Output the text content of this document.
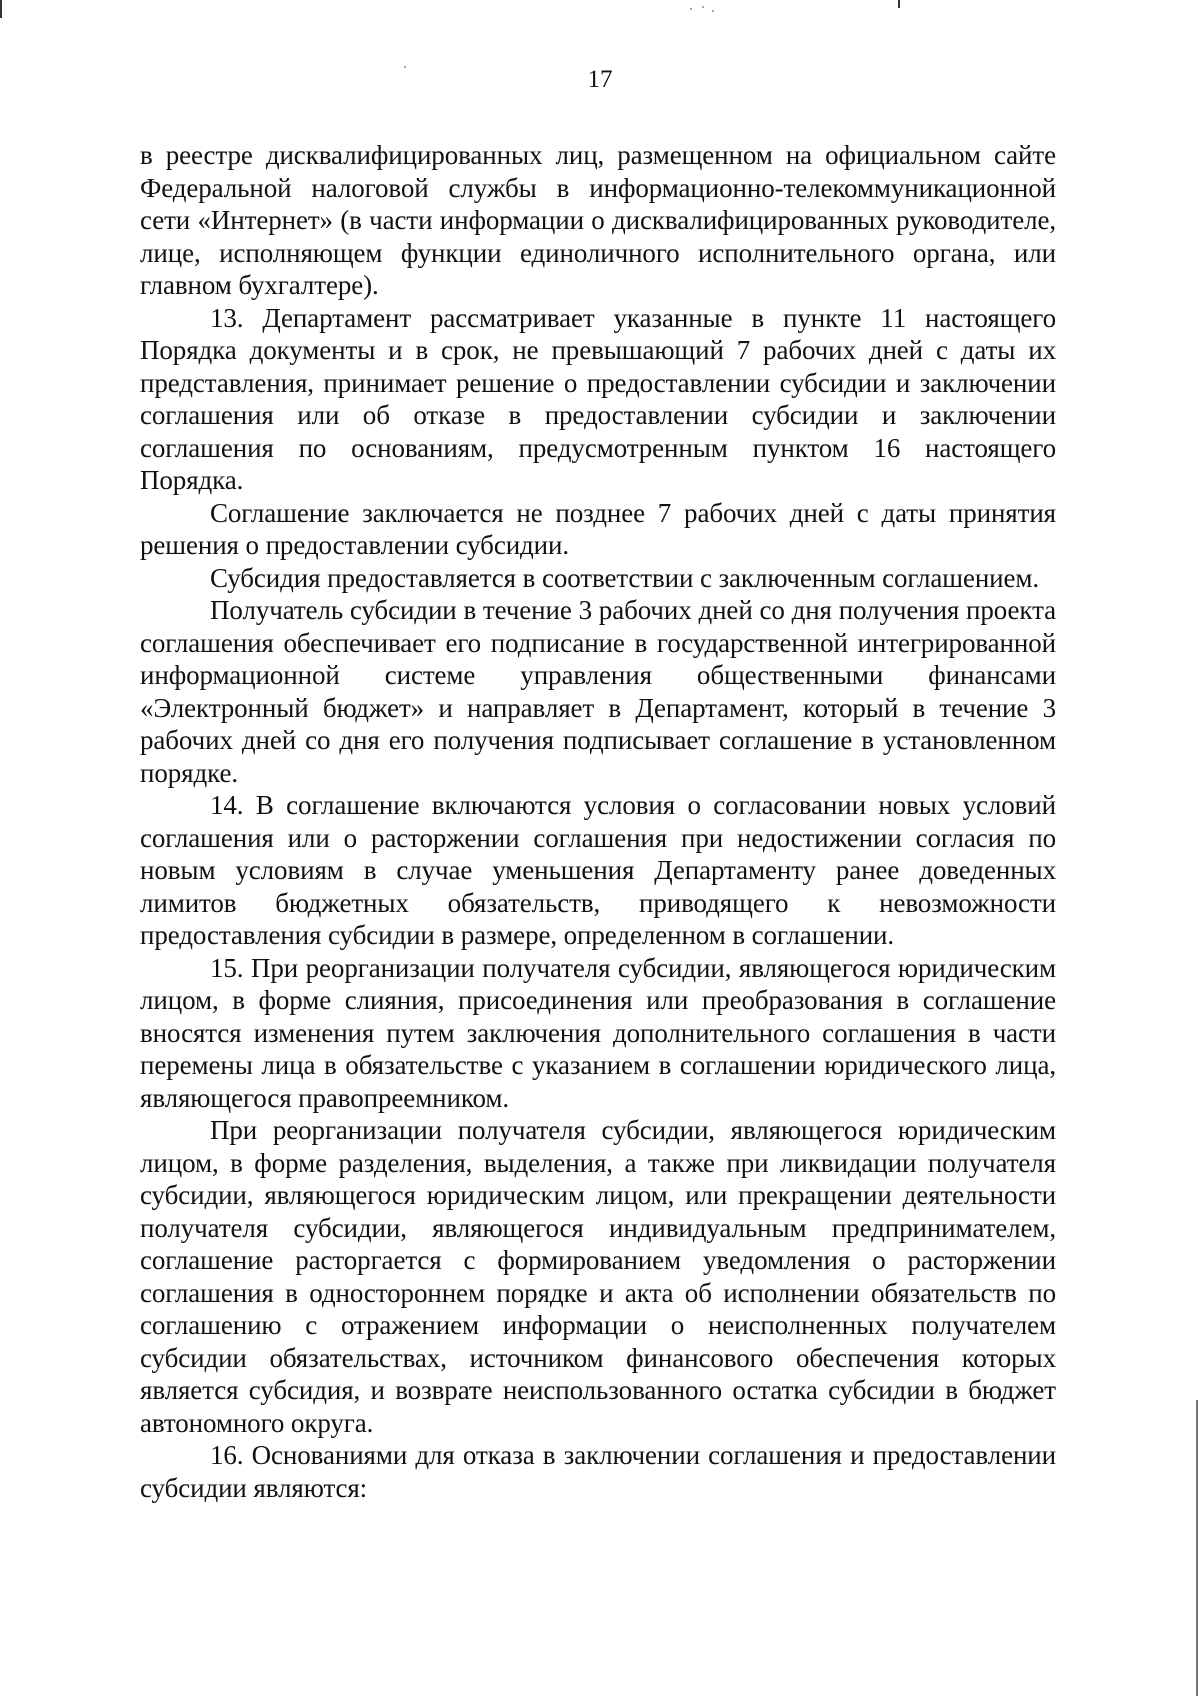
17

в реестре дисквалифицированных лиц, размещенном на официальном сайте Федеральной налоговой службы в информационно-телекоммуникационной сети «Интернет» (в части информации о дисквалифицированных руководителе, лице, исполняющем функции единоличного исполнительного органа, или главном бухгалтере).

13. Департамент рассматривает указанные в пункте 11 настоящего Порядка документы и в срок, не превышающий 7 рабочих дней с даты их представления, принимает решение о предоставлении субсидии и заключении соглашения или об отказе в предоставлении субсидии и заключении соглашения по основаниям, предусмотренным пунктом 16 настоящего Порядка.

Соглашение заключается не позднее 7 рабочих дней с даты принятия решения о предоставлении субсидии.

Субсидия предоставляется в соответствии с заключенным соглашением.

Получатель субсидии в течение 3 рабочих дней со дня получения проекта соглашения обеспечивает его подписание в государственной интегрированной информационной системе управления общественными финансами «Электронный бюджет» и направляет в Департамент, который в течение 3 рабочих дней со дня его получения подписывает соглашение в установленном порядке.

14. В соглашение включаются условия о согласовании новых условий соглашения или о расторжении соглашения при недостижении согласия по новым условиям в случае уменьшения Департаменту ранее доведенных лимитов бюджетных обязательств, приводящего к невозможности предоставления субсидии в размере, определенном в соглашении.

15. При реорганизации получателя субсидии, являющегося юридическим лицом, в форме слияния, присоединения или преобразования в соглашение вносятся изменения путем заключения дополнительного соглашения в части перемены лица в обязательстве с указанием в соглашении юридического лица, являющегося правопреемником.

При реорганизации получателя субсидии, являющегося юридическим лицом, в форме разделения, выделения, а также при ликвидации получателя субсидии, являющегося юридическим лицом, или прекращении деятельности получателя субсидии, являющегося индивидуальным предпринимателем, соглашение расторгается с формированием уведомления о расторжении соглашения в одностороннем порядке и акта об исполнении обязательств по соглашению с отражением информации о неисполненных получателем субсидии обязательствах, источником финансового обеспечения которых является субсидия, и возврате неиспользованного остатка субсидии в бюджет автономного округа.

16. Основаниями для отказа в заключении соглашения и предоставлении субсидии являются:
